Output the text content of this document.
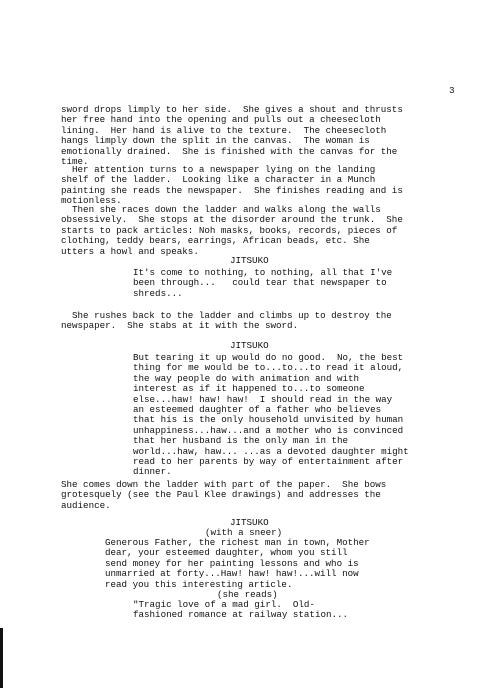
3
sword drops limply to her side.  She gives a shout and thrusts
her free hand into the opening and pulls out a cheesecloth
lining.  Her hand is alive to the texture.  The cheesecloth
hangs limply down the split in the canvas.  The woman is
emotionally drained.  She is finished with the canvas for the
time.
Her attention turns to a newspaper lying on the landing
shelf of the ladder.  Looking like a character in a Munch
painting she reads the newspaper.  She finishes reading and is
motionless.
Then she races down the ladder and walks along the walls
obsessively.  She stops at the disorder around the trunk.  She
starts to pack articles: Noh masks, books, records, pieces of
clothing, teddy bears, earrings, African beads, etc. She
utters a howl and speaks.
JITSUKO
It's come to nothing, to nothing, all that I've
been through...   could tear that newspaper to
shreds...
She rushes back to the ladder and climbs up to destroy the
newspaper.  She stabs at it with the sword.
JITSUKO
But tearing it up would do no good.  No, the best
thing for me would be to...to...to read it aloud,
the way people do with animation and with
interest as if it happened to...to someone
else...haw! haw! haw!  I should read in the way
an esteemed daughter of a father who believes
that his is the only household unvisited by human
unhappiness...haw...and a mother who is convinced
that her husband is the only man in the
world...haw, haw... ...as a devoted daughter might
read to her parents by way of entertainment after
dinner.
She comes down the ladder with part of the paper.  She bows
grotesquely (see the Paul Klee drawings) and addresses the
audience.
JITSUKO
(with a sneer)
Generous Father, the richest man in town, Mother
dear, your esteemed daughter, whom you still
send money for her painting lessons and who is
unmarried at forty...Haw! haw! haw!...will now
read you this interesting article.
(she reads)
"Tragic love of a mad girl.  Old-
fashioned romance at railway station...
